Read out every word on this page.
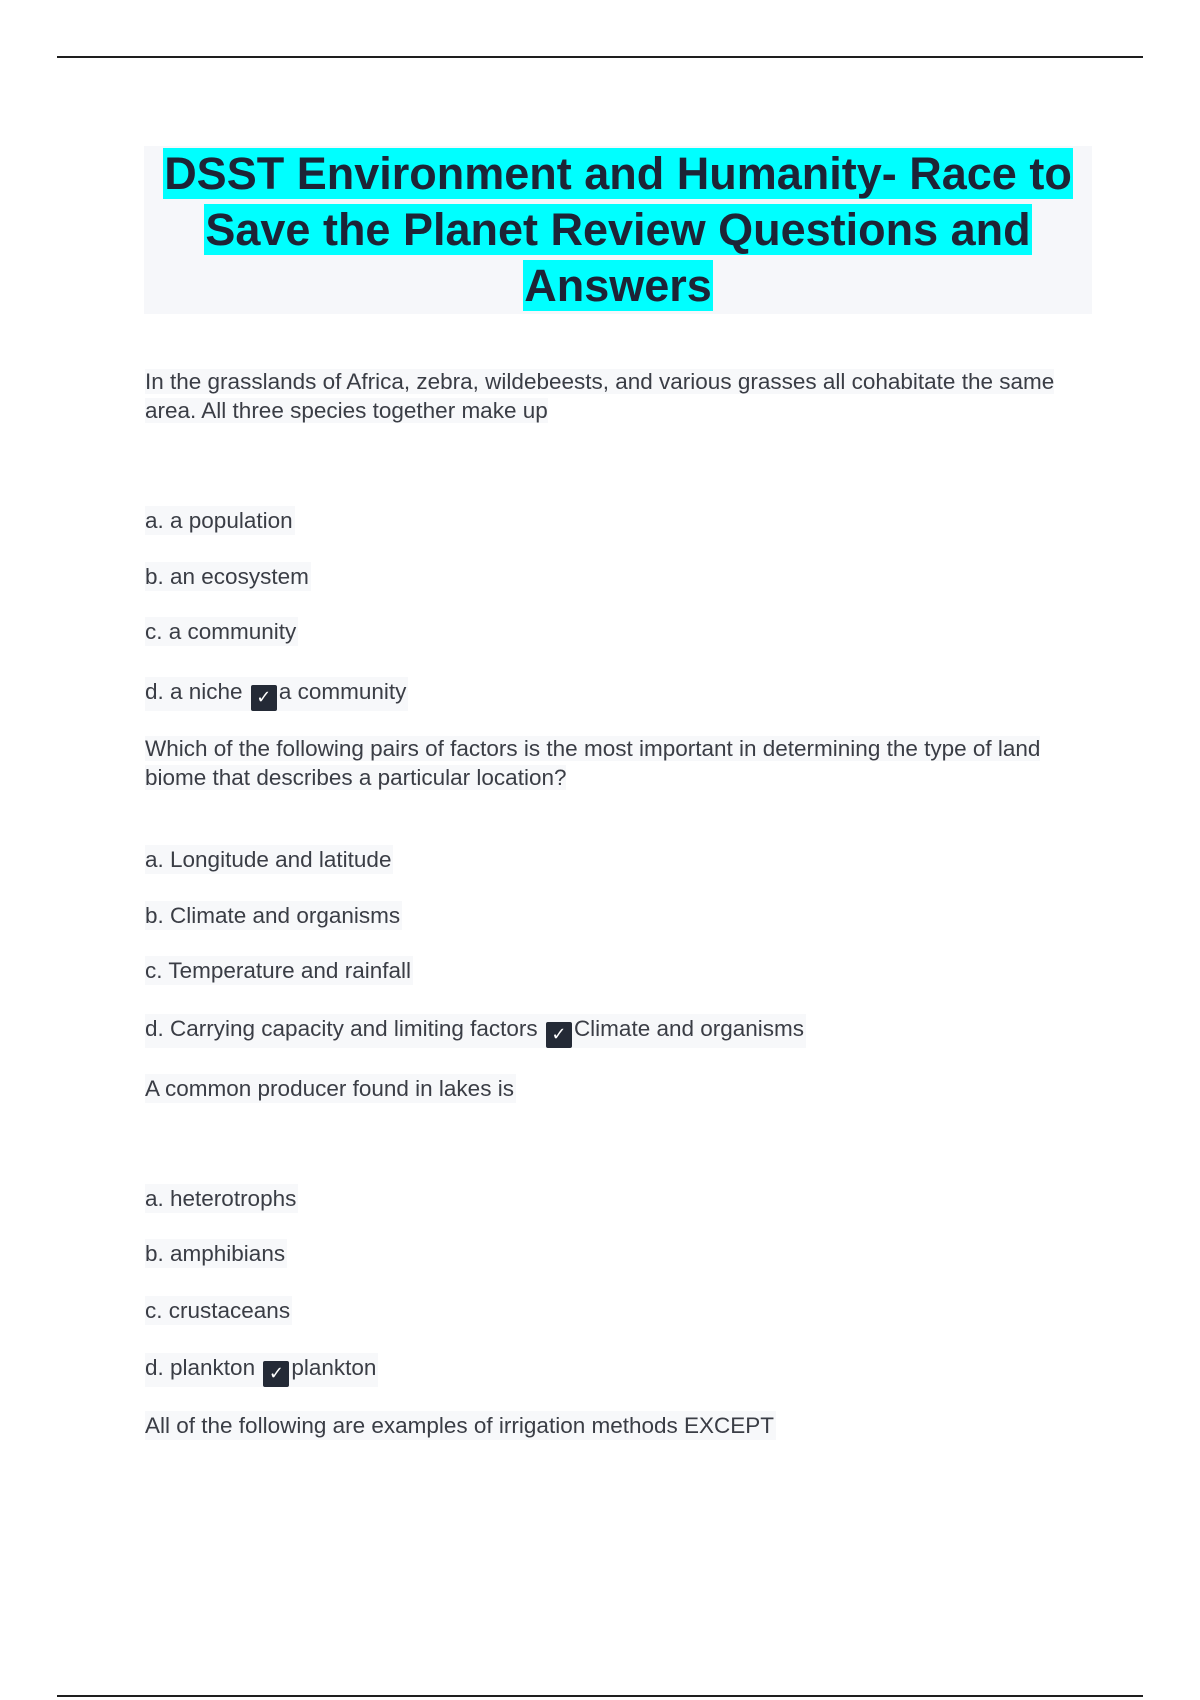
DSST Environment and Humanity- Race to Save the Planet Review Questions and Answers
In the grasslands of Africa, zebra, wildebeests, and various grasses all cohabitate the same area. All three species together make up
a. a population
b. an ecosystem
c. a community
d. a niche ✓ a community
Which of the following pairs of factors is the most important in determining the type of land biome that describes a particular location?
a. Longitude and latitude
b. Climate and organisms
c. Temperature and rainfall
d. Carrying capacity and limiting factors ✓ Climate and organisms
A common producer found in lakes is
a. heterotrophs
b. amphibians
c. crustaceans
d. plankton ✓ plankton
All of the following are examples of irrigation methods EXCEPT
